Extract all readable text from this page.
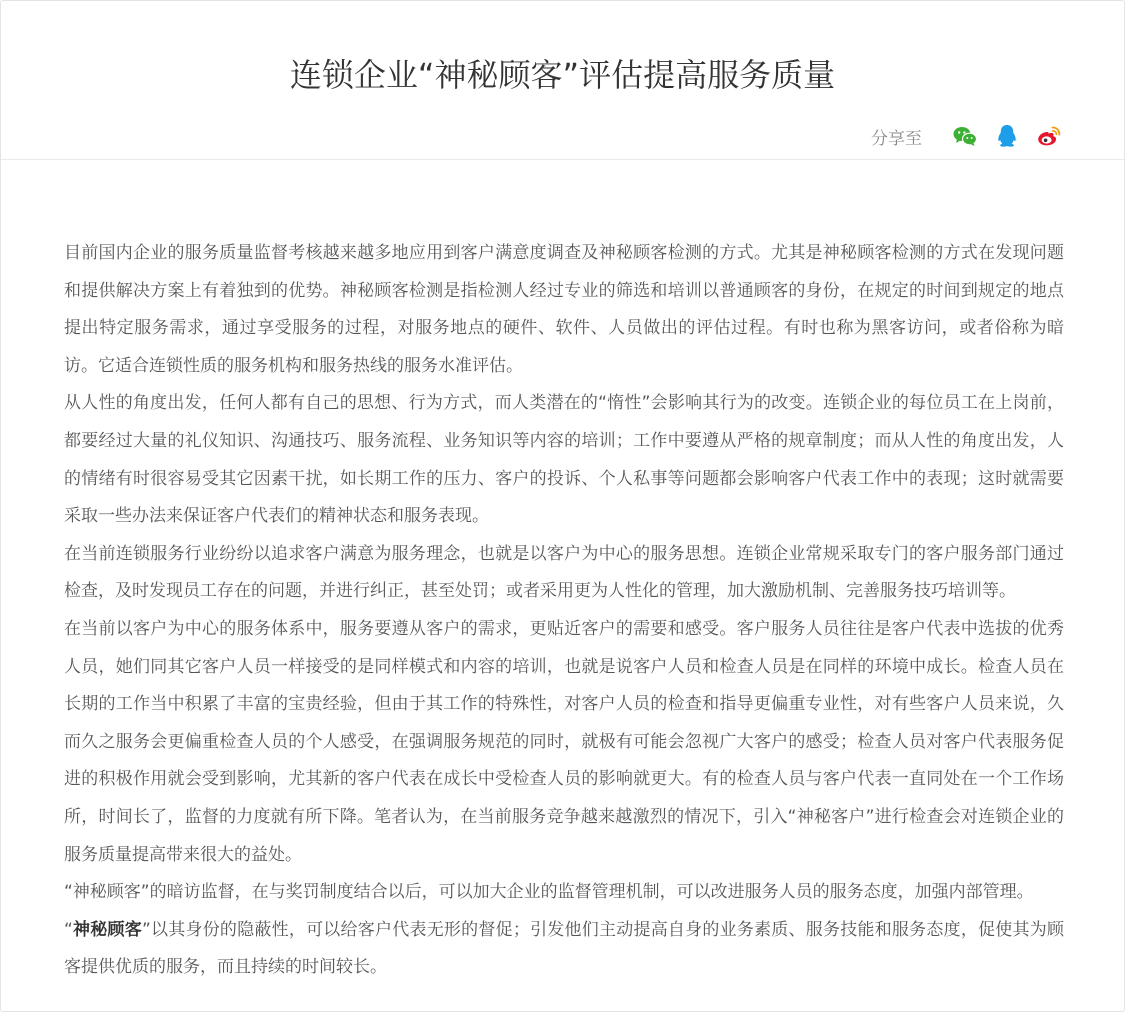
连锁企业“神秘顾客”评估提高服务质量
分享至

目前国内企业的服务质量监督考核越来越多地应用到客户满意度调查及神秘顾客检测的方式。尤其是神秘顾客检测的方式在发现问题和提供解决方案上有着独到的优势。神秘顾客检测是指检测人经过专业的筛选和培训以普通顾客的身份，在规定的时间到规定的地点提出特定服务需求，通过享受服务的过程，对服务地点的硬件、软件、人员做出的评估过程。有时也称为黑客访问，或者俗称为暗访。它适合连锁性质的服务机构和服务热线的服务水准评估。

从人性的角度出发，任何人都有自己的思想、行为方式，而人类潜在的“惰性”会影响其行为的改变。连锁企业的每位员工在上岗前，都要经过大量的礼仪知识、沟通技巧、服务流程、业务知识等内容的培训；工作中要遵从严格的规章制度；而从人性的角度出发，人的情绪有时很容易受其它因素干扰，如长期工作的压力、客户的投诉、个人私事等问题都会影响客户代表工作中的表现；这时就需要采取一些办法来保证客户代表们的精神状态和服务表现。

在当前连锁服务行业纷纷以追求客户满意为服务理念，也就是以客户为中心的服务思想。连锁企业常规采取专门的客户服务部门通过检查，及时发现员工存在的问题，并进行纠正，甚至处罚；或者采用更为人性化的管理，加大激励机制、完善服务技巧培训等。

在当前以客户为中心的服务体系中，服务要遵从客户的需求，更贴近客户的需要和感受。客户服务人员往往是客户代表中选拔的优秀人员，她们同其它客户人员一样接受的是同样模式和内容的培训，也就是说客户人员和检查人员是在同样的环境中成长。检查人员在长期的工作当中积累了丰富的宝贵经验，但由于其工作的特殊性，对客户人员的检查和指导更偏重专业性，对有些客户人员来说，久而久之服务会更偏重检查人员的个人感受，在强调服务规范的同时，就极有可能会忽视广大客户的感受；检查人员对客户代表服务促进的积极作用就会受到影响，尤其新的客户代表在成长中受检查人员的影响就更大。有的检查人员与客户代表一直同处在一个工作场所，时间长了，监督的力度就有所下降。笔者认为，在当前服务竞争越来越激烈的情况下，引入“神秘客户”进行检查会对连锁企业的服务质量提高带来很大的益处。

“神秘顾客”的暗访监督，在与奖罚制度结合以后，可以加大企业的监督管理机制，可以改进服务人员的服务态度，加强内部管理。

“神秘顾客”以其身份的隐蔽性，可以给客户代表无形的督促；引发他们主动提高自身的业务素质、服务技能和服务态度，促使其为顾客提供优质的服务，而且持续的时间较长。
